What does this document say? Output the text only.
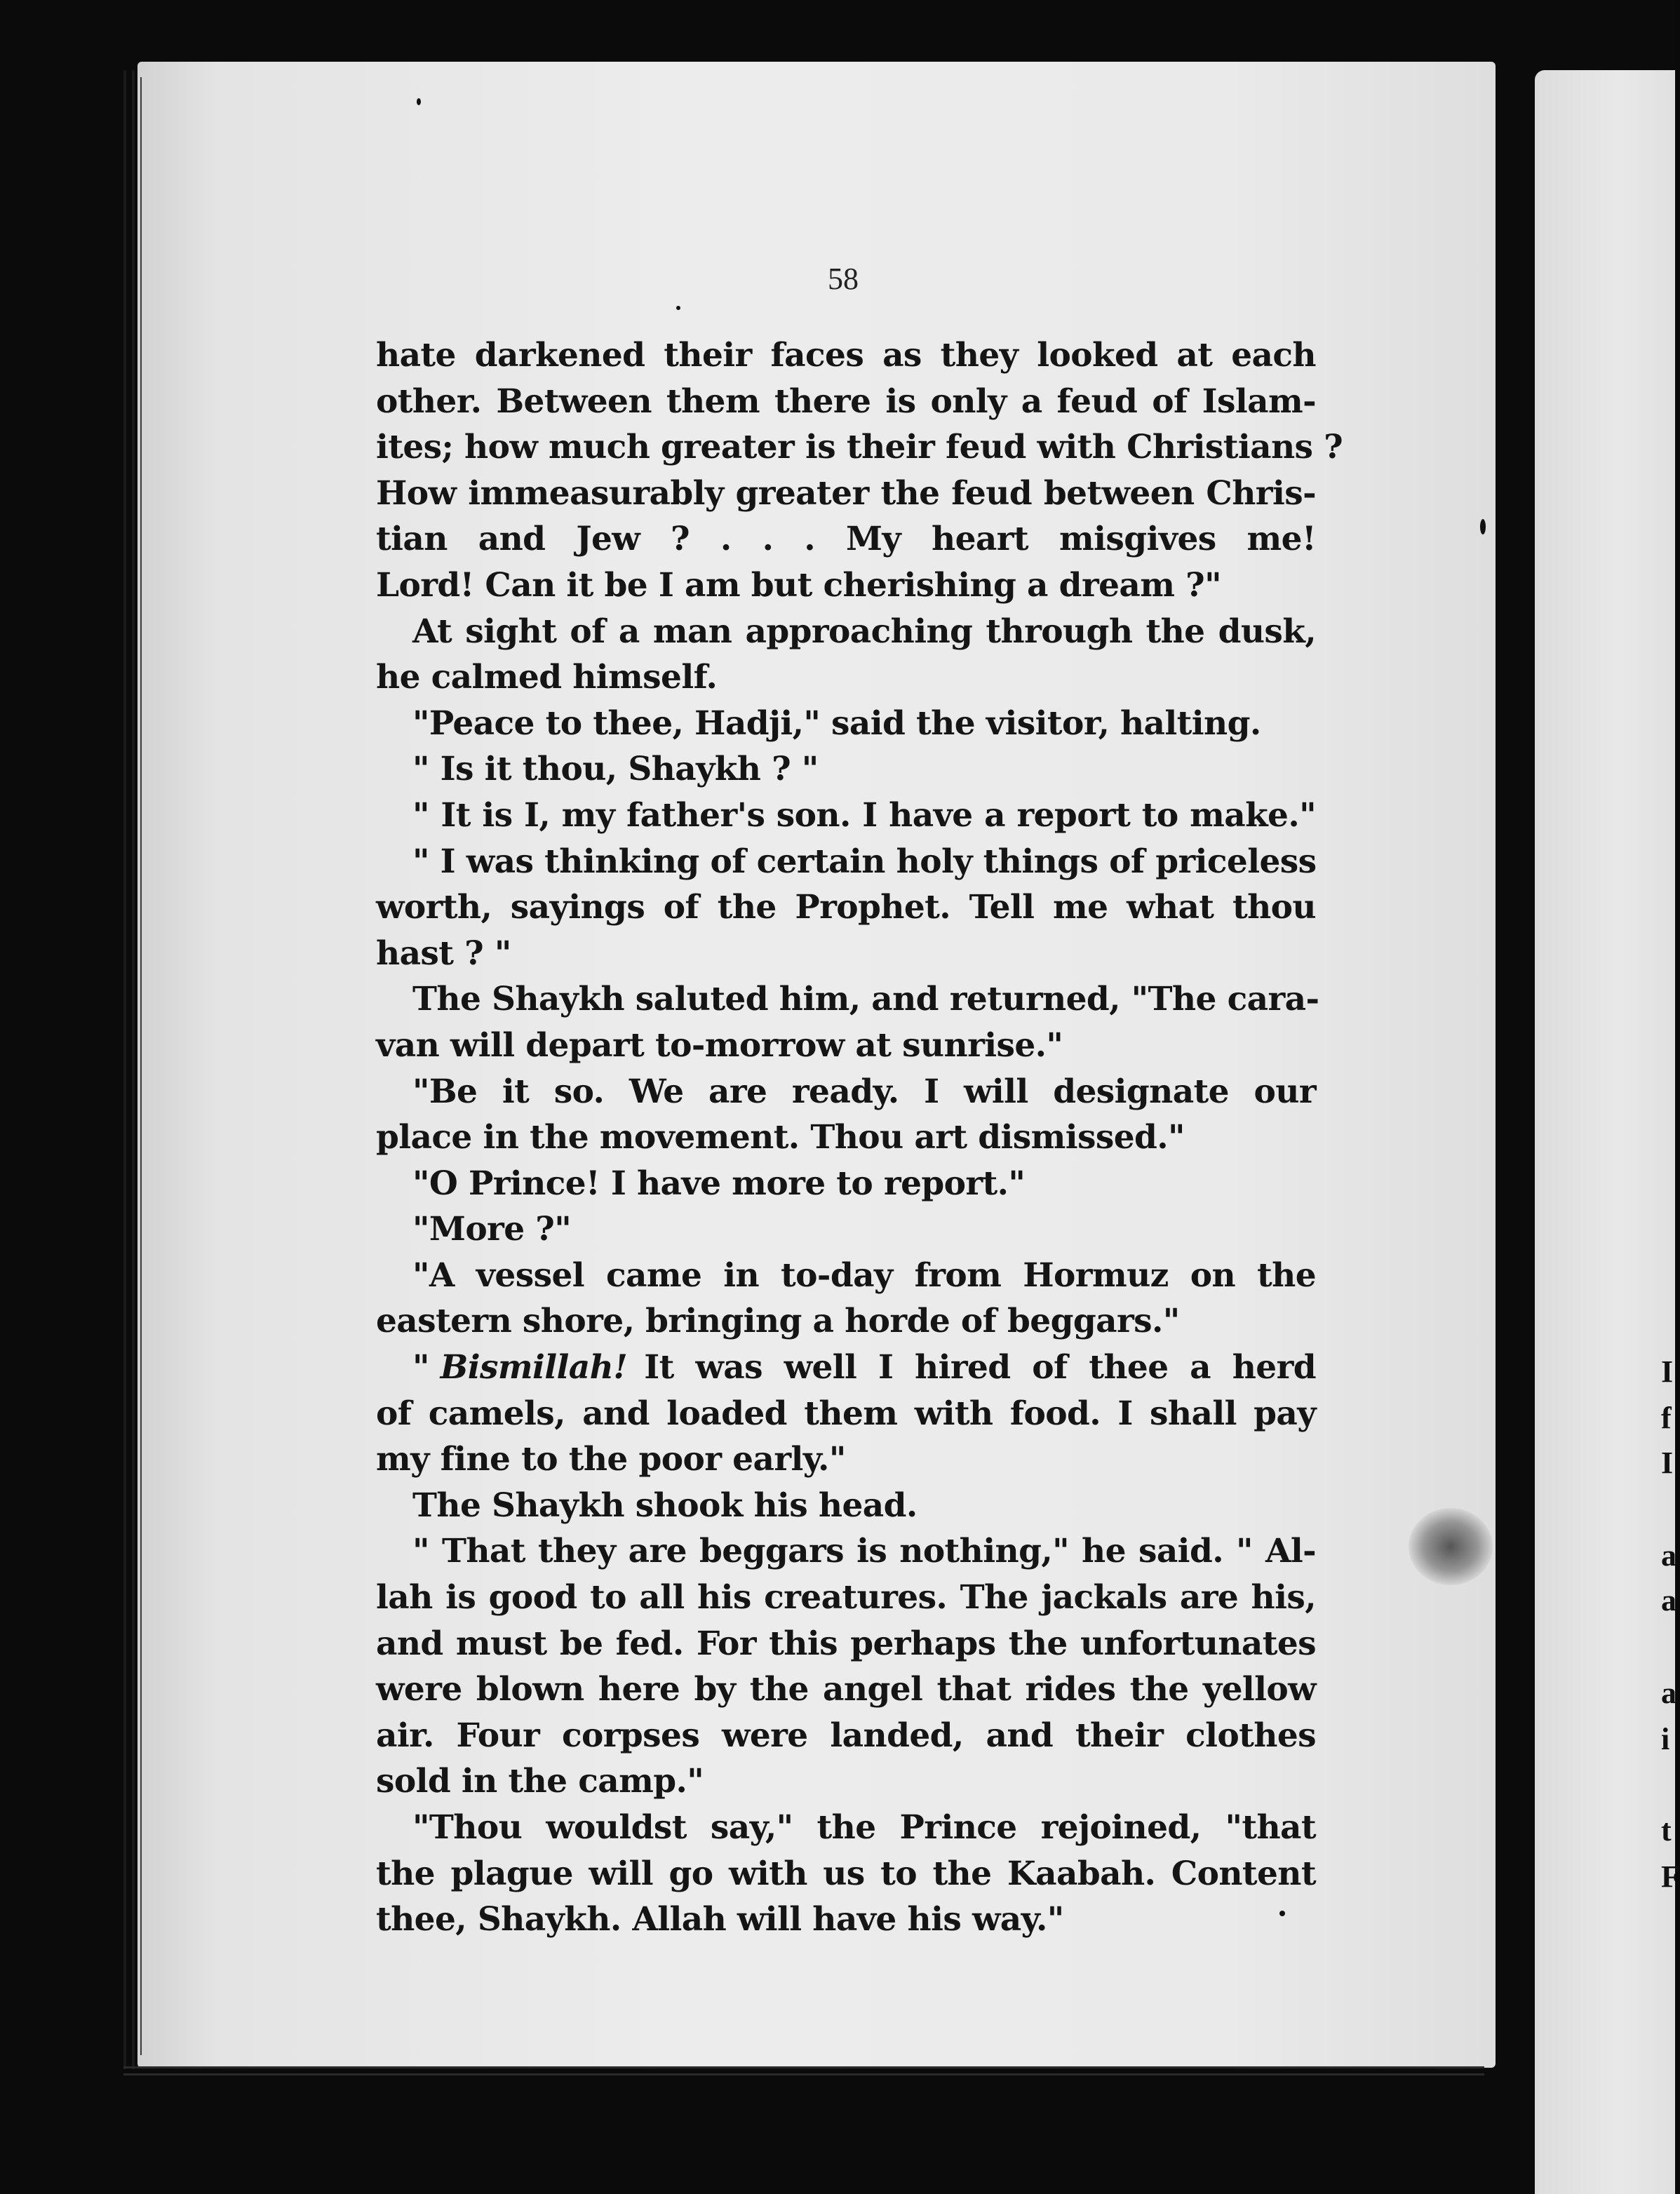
I
f
I
a
a
a
i
t
F
58
hate darkened their faces as they looked at each
other. Between them there is only a feud of Islam-
ites; how much greater is their feud with Christians ?
How immeasurably greater the feud between Chris-
tian and Jew ? . . . My heart misgives me!
Lord! Can it be I am but cherishing a dream ?"
At sight of a man approaching through the dusk,
he calmed himself.
"Peace to thee, Hadji," said the visitor, halting.
" Is it thou, Shaykh ? "
" It is I, my father's son. I have a report to make."
" I was thinking of certain holy things of priceless
worth, sayings of the Prophet. Tell me what thou
hast ? "
The Shaykh saluted him, and returned, "The cara-
van will depart to-morrow at sunrise."
"Be it so. We are ready. I will designate our
place in the movement. Thou art dismissed."
"O Prince! I have more to report."
"More ?"
"A vessel came in to-day from Hormuz on the
eastern shore, bringing a horde of beggars."
" Bismillah! It was well I hired of thee a herd
of camels, and loaded them with food. I shall pay
my fine to the poor early."
The Shaykh shook his head.
" That they are beggars is nothing," he said. " Al-
lah is good to all his creatures. The jackals are his,
and must be fed. For this perhaps the unfortunates
were blown here by the angel that rides the yellow
air. Four corpses were landed, and their clothes
sold in the camp."
"Thou wouldst say," the Prince rejoined, "that
the plague will go with us to the Kaabah. Content
thee, Shaykh. Allah will have his way."
